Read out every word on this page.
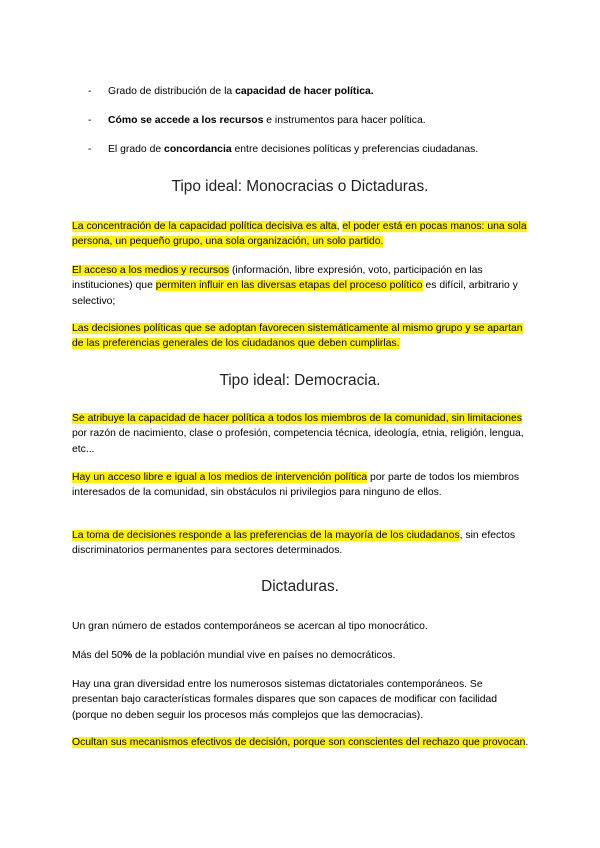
-	Grado de distribución de la capacidad de hacer política.
-	Cómo se accede a los recursos e instrumentos para hacer política.
-	El grado de concordancia entre decisiones políticas y preferencias ciudadanas.
Tipo ideal: Monocracias o Dictaduras.
La concentración de la capacidad política decisiva es alta, el poder está en pocas manos: una sola persona, un pequeño grupo, una sola organización, un solo partido.
El acceso a los medios y recursos (información, libre expresión, voto, participación en las instituciones) que permiten influir en las diversas etapas del proceso político es difícil, arbitrario y selectivo;
Las decisiones políticas que se adoptan favorecen sistemáticamente al mismo grupo y se apartan de las preferencias generales de los ciudadanos que deben cumplirlas.
Tipo ideal: Democracia.
Se atribuye la capacidad de hacer política a todos los miembros de la comunidad, sin limitaciones por razón de nacimiento, clase o profesión, competencia técnica, ideología, etnia, religión, lengua, etc...
Hay un acceso libre e igual a los medios de intervención política por parte de todos los miembros interesados de la comunidad, sin obstáculos ni privilegios para ninguno de ellos.
La toma de decisiones responde a las preferencias de la mayoría de los ciudadanos, sin efectos discriminatorios permanentes para sectores determinados.
Dictaduras.
Un gran número de estados contemporáneos se acercan al tipo monocrático.
Más del 50% de la población mundial vive en países no democráticos.
Hay una gran diversidad entre los numerosos sistemas dictatoriales contemporáneos. Se presentan bajo características formales dispares que son capaces de modificar con facilidad (porque no deben seguir los procesos más complejos que las democracias).
Ocultan sus mecanismos efectivos de decisión, porque son conscientes del rechazo que provocan.
